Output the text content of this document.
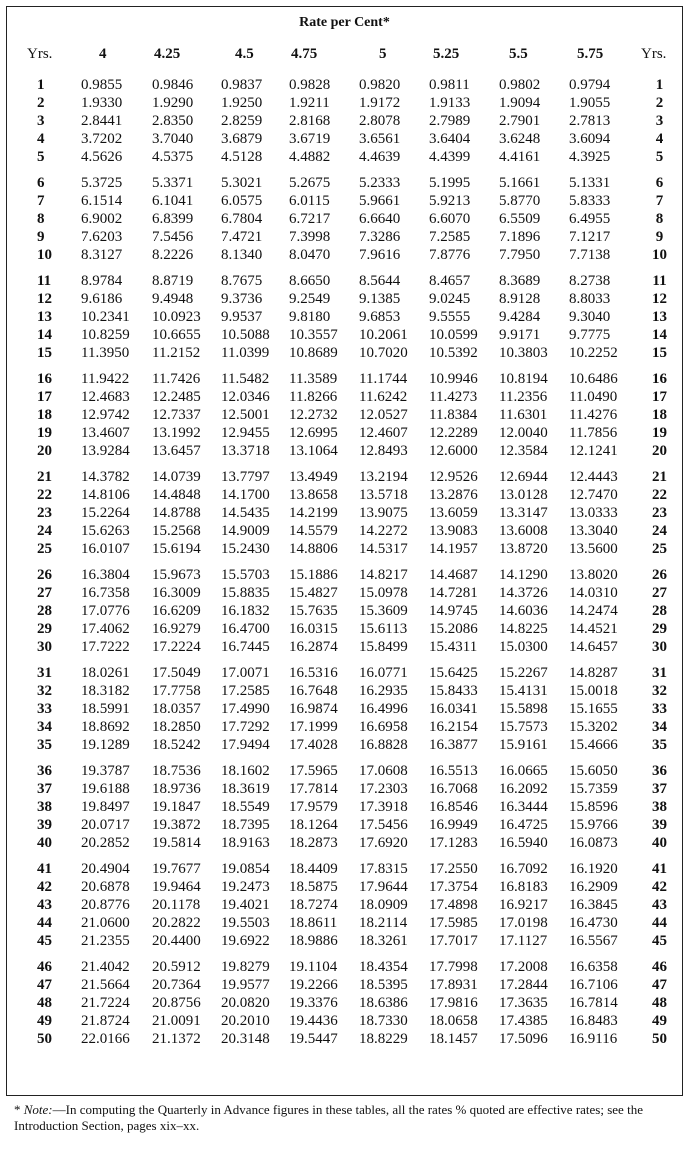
Rate per Cent*
Yrs.	4	4.25	4.5	4.75	5	5.25	5.5	5.75	Yrs.
1	0.9855	0.9846	0.9837	0.9828	0.9820	0.9811	0.9802	0.9794	1
2	1.9330	1.9290	1.9250	1.9211	1.9172	1.9133	1.9094	1.9055	2
3	2.8441	2.8350	2.8259	2.8168	2.8078	2.7989	2.7901	2.7813	3
4	3.7202	3.7040	3.6879	3.6719	3.6561	3.6404	3.6248	3.6094	4
5	4.5626	4.5375	4.5128	4.4882	4.4639	4.4399	4.4161	4.3925	5

6	5.3725	5.3371	5.3021	5.2675	5.2333	5.1995	5.1661	5.1331	6
7	6.1514	6.1041	6.0575	6.0115	5.9661	5.9213	5.8770	5.8333	7
8	6.9002	6.8399	6.7804	6.7217	6.6640	6.6070	6.5509	6.4955	8
9	7.6203	7.5456	7.4721	7.3998	7.3286	7.2585	7.1896	7.1217	9
10	8.3127	8.2226	8.1340	8.0470	7.9616	7.8776	7.7950	7.7138	10

11	8.9784	8.8719	8.7675	8.6650	8.5644	8.4657	8.3689	8.2738	11
12	9.6186	9.4948	9.3736	9.2549	9.1385	9.0245	8.9128	8.8033	12
13	10.2341	10.0923	9.9537	9.8180	9.6853	9.5555	9.4284	9.3040	13
14	10.8259	10.6655	10.5088	10.3557	10.2061	10.0599	9.9171	9.7775	14
15	11.3950	11.2152	11.0399	10.8689	10.7020	10.5392	10.3803	10.2252	15

16	11.9422	11.7426	11.5482	11.3589	11.1744	10.9946	10.8194	10.6486	16
17	12.4683	12.2485	12.0346	11.8266	11.6242	11.4273	11.2356	11.0490	17
18	12.9742	12.7337	12.5001	12.2732	12.0527	11.8384	11.6301	11.4276	18
19	13.4607	13.1992	12.9455	12.6995	12.4607	12.2289	12.0040	11.7856	19
20	13.9284	13.6457	13.3718	13.1064	12.8493	12.6000	12.3584	12.1241	20

21	14.3782	14.0739	13.7797	13.4949	13.2194	12.9526	12.6944	12.4443	21
22	14.8106	14.4848	14.1700	13.8658	13.5718	13.2876	13.0128	12.7470	22
23	15.2264	14.8788	14.5435	14.2199	13.9075	13.6059	13.3147	13.0333	23
24	15.6263	15.2568	14.9009	14.5579	14.2272	13.9083	13.6008	13.3040	24
25	16.0107	15.6194	15.2430	14.8806	14.5317	14.1957	13.8720	13.5600	25

26	16.3804	15.9673	15.5703	15.1886	14.8217	14.4687	14.1290	13.8020	26
27	16.7358	16.3009	15.8835	15.4827	15.0978	14.7281	14.3726	14.0310	27
28	17.0776	16.6209	16.1832	15.7635	15.3609	14.9745	14.6036	14.2474	28
29	17.4062	16.9279	16.4700	16.0315	15.6113	15.2086	14.8225	14.4521	29
30	17.7222	17.2224	16.7445	16.2874	15.8499	15.4311	15.0300	14.6457	30

31	18.0261	17.5049	17.0071	16.5316	16.0771	15.6425	15.2267	14.8287	31
32	18.3182	17.7758	17.2585	16.7648	16.2935	15.8433	15.4131	15.0018	32
33	18.5991	18.0357	17.4990	16.9874	16.4996	16.0341	15.5898	15.1655	33
34	18.8692	18.2850	17.7292	17.1999	16.6958	16.2154	15.7573	15.3202	34
35	19.1289	18.5242	17.9494	17.4028	16.8828	16.3877	15.9161	15.4666	35

36	19.3787	18.7536	18.1602	17.5965	17.0608	16.5513	16.0665	15.6050	36
37	19.6188	18.9736	18.3619	17.7814	17.2303	16.7068	16.2092	15.7359	37
38	19.8497	19.1847	18.5549	17.9579	17.3918	16.8546	16.3444	15.8596	38
39	20.0717	19.3872	18.7395	18.1264	17.5456	16.9949	16.4725	15.9766	39
40	20.2852	19.5814	18.9163	18.2873	17.6920	17.1283	16.5940	16.0873	40

41	20.4904	19.7677	19.0854	18.4409	17.8315	17.2550	16.7092	16.1920	41
42	20.6878	19.9464	19.2473	18.5875	17.9644	17.3754	16.8183	16.2909	42
43	20.8776	20.1178	19.4021	18.7274	18.0909	17.4898	16.9217	16.3845	43
44	21.0600	20.2822	19.5503	18.8611	18.2114	17.5985	17.0198	16.4730	44
45	21.2355	20.4400	19.6922	18.9886	18.3261	17.7017	17.1127	16.5567	45

46	21.4042	20.5912	19.8279	19.1104	18.4354	17.7998	17.2008	16.6358	46
47	21.5664	20.7364	19.9577	19.2266	18.5395	17.8931	17.2844	16.7106	47
48	21.7224	20.8756	20.0820	19.3376	18.6386	17.9816	17.3635	16.7814	48
49	21.8724	21.0091	20.2010	19.4436	18.7330	18.0658	17.4385	16.8483	49
50	22.0166	21.1372	20.3148	19.5447	18.8229	18.1457	17.5096	16.9116	50
* Note:—In computing the Quarterly in Advance figures in these tables, all the rates % quoted are effective rates; see the Introduction Section, pages xix–xx.
